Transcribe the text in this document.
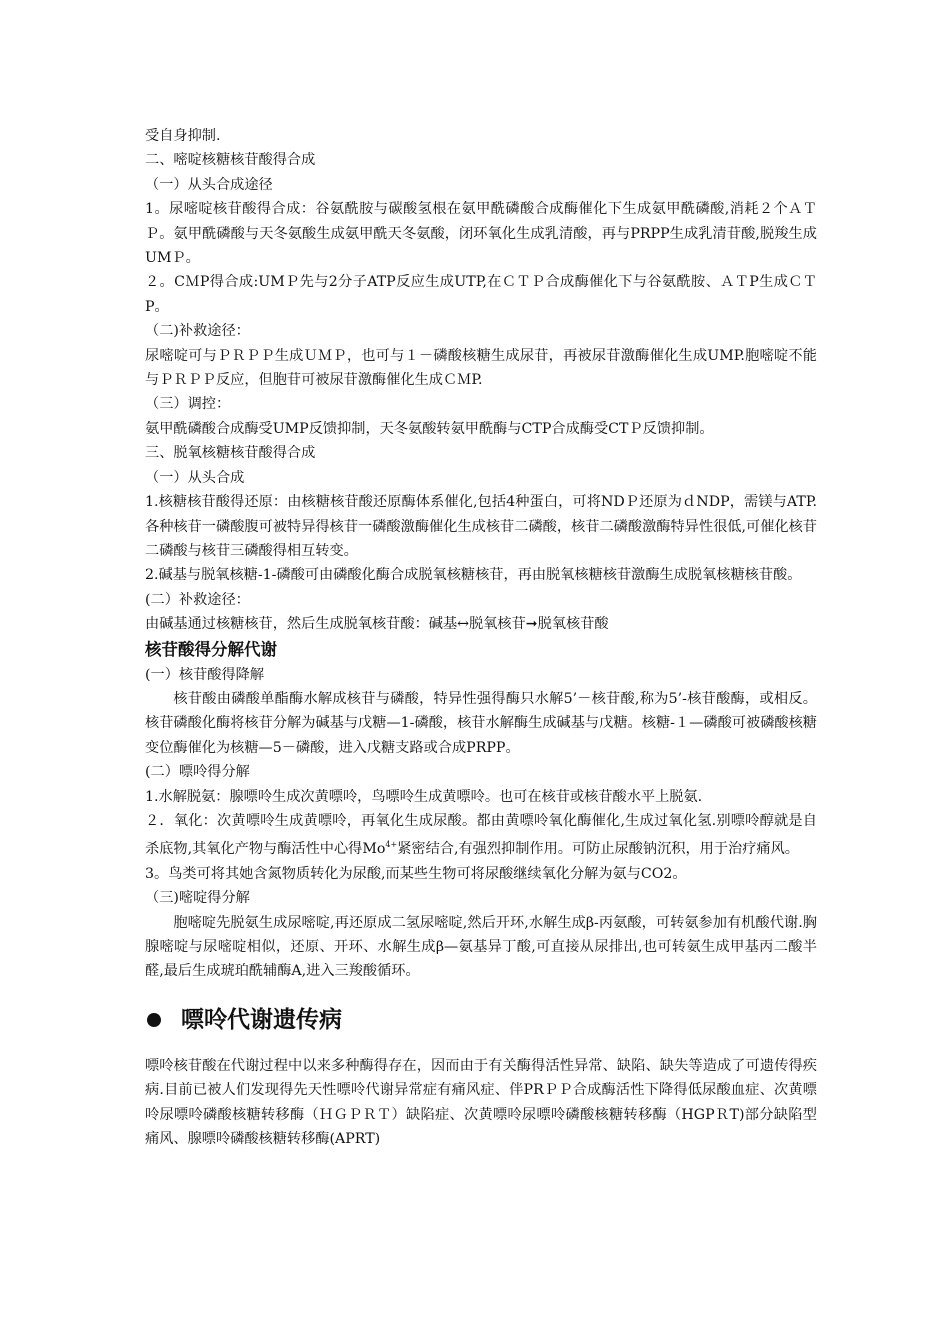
受自身抑制.
二、嘧啶核糖核苷酸得合成
（一）从头合成途径
1。尿嘧啶核苷酸得合成：谷氨酰胺与碳酸氢根在氨甲酰磷酸合成酶催化下生成氨甲酰磷酸,消耗２个ＡＴＰ。氨甲酰磷酸与天冬氨酸生成氨甲酰天冬氨酸，闭环氧化生成乳清酸，再与PRPP生成乳清苷酸,脱羧生成UMＰ。
２。CＭP得合成:UMＰ先与2分子ATP反应生成UTP,在ＣＴＰ合成酶催化下与谷氨酰胺、ＡＴP生成ＣＴP。
（二)补救途径：
尿嘧啶可与ＰＲＰＰ生成ＵＭＰ，也可与１－磷酸核糖生成尿苷，再被尿苷激酶催化生成UMP.胞嘧啶不能与ＰＲＰＰ反应，但胞苷可被尿苷激酶催化生成ＣＭP.
（三）调控：
氨甲酰磷酸合成酶受UMP反馈抑制，天冬氨酸转氨甲酰酶与CTP合成酶受CTＰ反馈抑制。
三、脱氧核糖核苷酸得合成
（一）从头合成
1.核糖核苷酸得还原：由核糖核苷酸还原酶体系催化,包括4种蛋白，可将NDＰ还原为ｄNDP，需镁与ATP.各种核苷一磷酸腹可被特异得核苷一磷酸激酶催化生成核苷二磷酸，核苷二磷酸激酶特异性很低,可催化核苷二磷酸与核苷三磷酸得相互转变。
2.碱基与脱氧核糖-1-磷酸可由磷酸化酶合成脱氧核糖核苷，再由脱氧核糖核苷激酶生成脱氧核糖核苷酸。
(二）补救途径：
由碱基通过核糖核苷，然后生成脱氧核苷酸：碱基↔脱氧核苷➞脱氧核苷酸
核苷酸得分解代谢
(一）核苷酸得降解
核苷酸由磷酸单酯酶水解成核苷与磷酸，特异性强得酶只水解5’－核苷酸,称为5’-核苷酸酶，或相反。核苷磷酸化酶将核苷分解为碱基与戊糖—1-磷酸，核苷水解酶生成碱基与戊糖。核糖-１—磷酸可被磷酸核糖变位酶催化为核糖—5－磷酸，进入戊糖支路或合成PRPP。
(二）嘌呤得分解
1.水解脱氨：腺嘌呤生成次黄嘌呤，鸟嘌呤生成黄嘌呤。也可在核苷或核苷酸水平上脱氨.
２．氧化：次黄嘌呤生成黄嘌呤，再氧化生成尿酸。都由黄嘌呤氧化酶催化,生成过氧化氢.别嘌呤醇就是自杀底物,其氧化产物与酶活性中心得$Mo^{4+}$紧密结合,有强烈抑制作用。可防止尿酸钠沉积，用于治疗痛风。
3。鸟类可将其她含氮物质转化为尿酸,而某些生物可将尿酸继续氧化分解为氨与CO2。
（三)嘧啶得分解
胞嘧啶先脱氨生成尿嘧啶,再还原成二氢尿嘧啶,然后开环,水解生成β-丙氨酸，可转氨参加有机酸代谢.胸腺嘧啶与尿嘧啶相似，还原、开环、水解生成β—氨基异丁酸,可直接从尿排出,也可转氨生成甲基丙二酸半醛,最后生成琥珀酰辅酶A,进入三羧酸循环。
嘌呤代谢遗传病
嘌呤核苷酸在代谢过程中以来多种酶得存在，因而由于有关酶得活性异常、缺陷、缺失等造成了可遗传得疾病.目前已被人们发现得先天性嘌呤代谢异常症有痛风症、伴PRＰＰ合成酶活性下降得低尿酸血症、次黄嘌呤尿嘌呤磷酸核糖转移酶（ＨＧＰＲＴ）缺陷症、次黄嘌呤尿嘌呤磷酸核糖转移酶（HGPＲT)部分缺陷型痛风、腺嘌呤磷酸核糖转移酶(APRT)
